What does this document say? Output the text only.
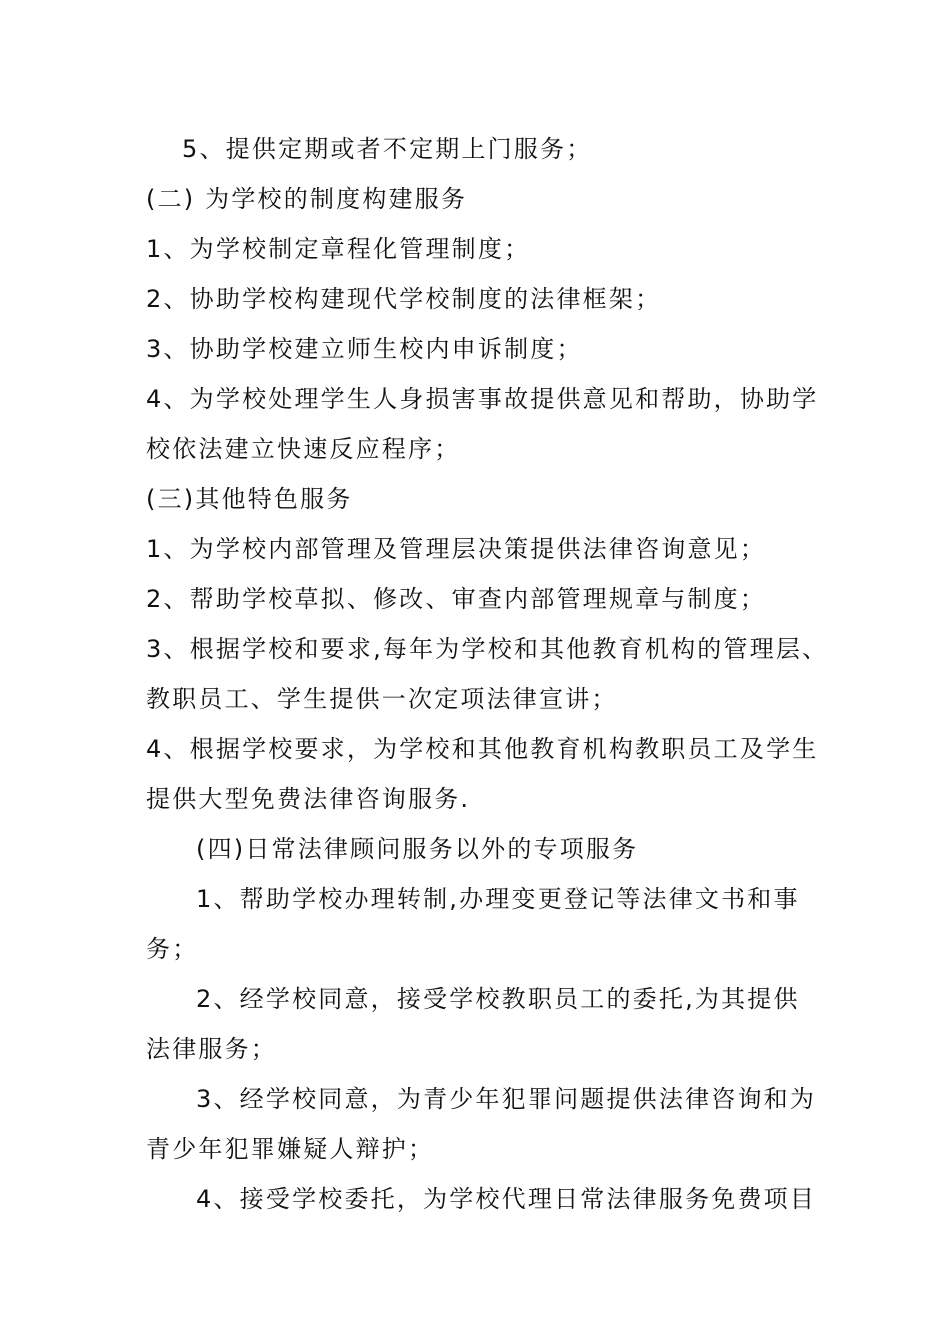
5、提供定期或者不定期上门服务；
(二) 为学校的制度构建服务
1、为学校制定章程化管理制度；
2、协助学校构建现代学校制度的法律框架；
3、协助学校建立师生校内申诉制度；
4、为学校处理学生人身损害事故提供意见和帮助，协助学
校依法建立快速反应程序；
(三)其他特色服务
1、为学校内部管理及管理层决策提供法律咨询意见；
2、帮助学校草拟、修改、审查内部管理规章与制度；
3、根据学校和要求,每年为学校和其他教育机构的管理层、
教职员工、学生提供一次定项法律宣讲；
4、根据学校要求，为学校和其他教育机构教职员工及学生
提供大型免费法律咨询服务.
(四)日常法律顾问服务以外的专项服务
1、帮助学校办理转制,办理变更登记等法律文书和事
务；
2、经学校同意，接受学校教职员工的委托,为其提供
法律服务；
3、经学校同意，为青少年犯罪问题提供法律咨询和为
青少年犯罪嫌疑人辩护；
4、接受学校委托，为学校代理日常法律服务免费项目
